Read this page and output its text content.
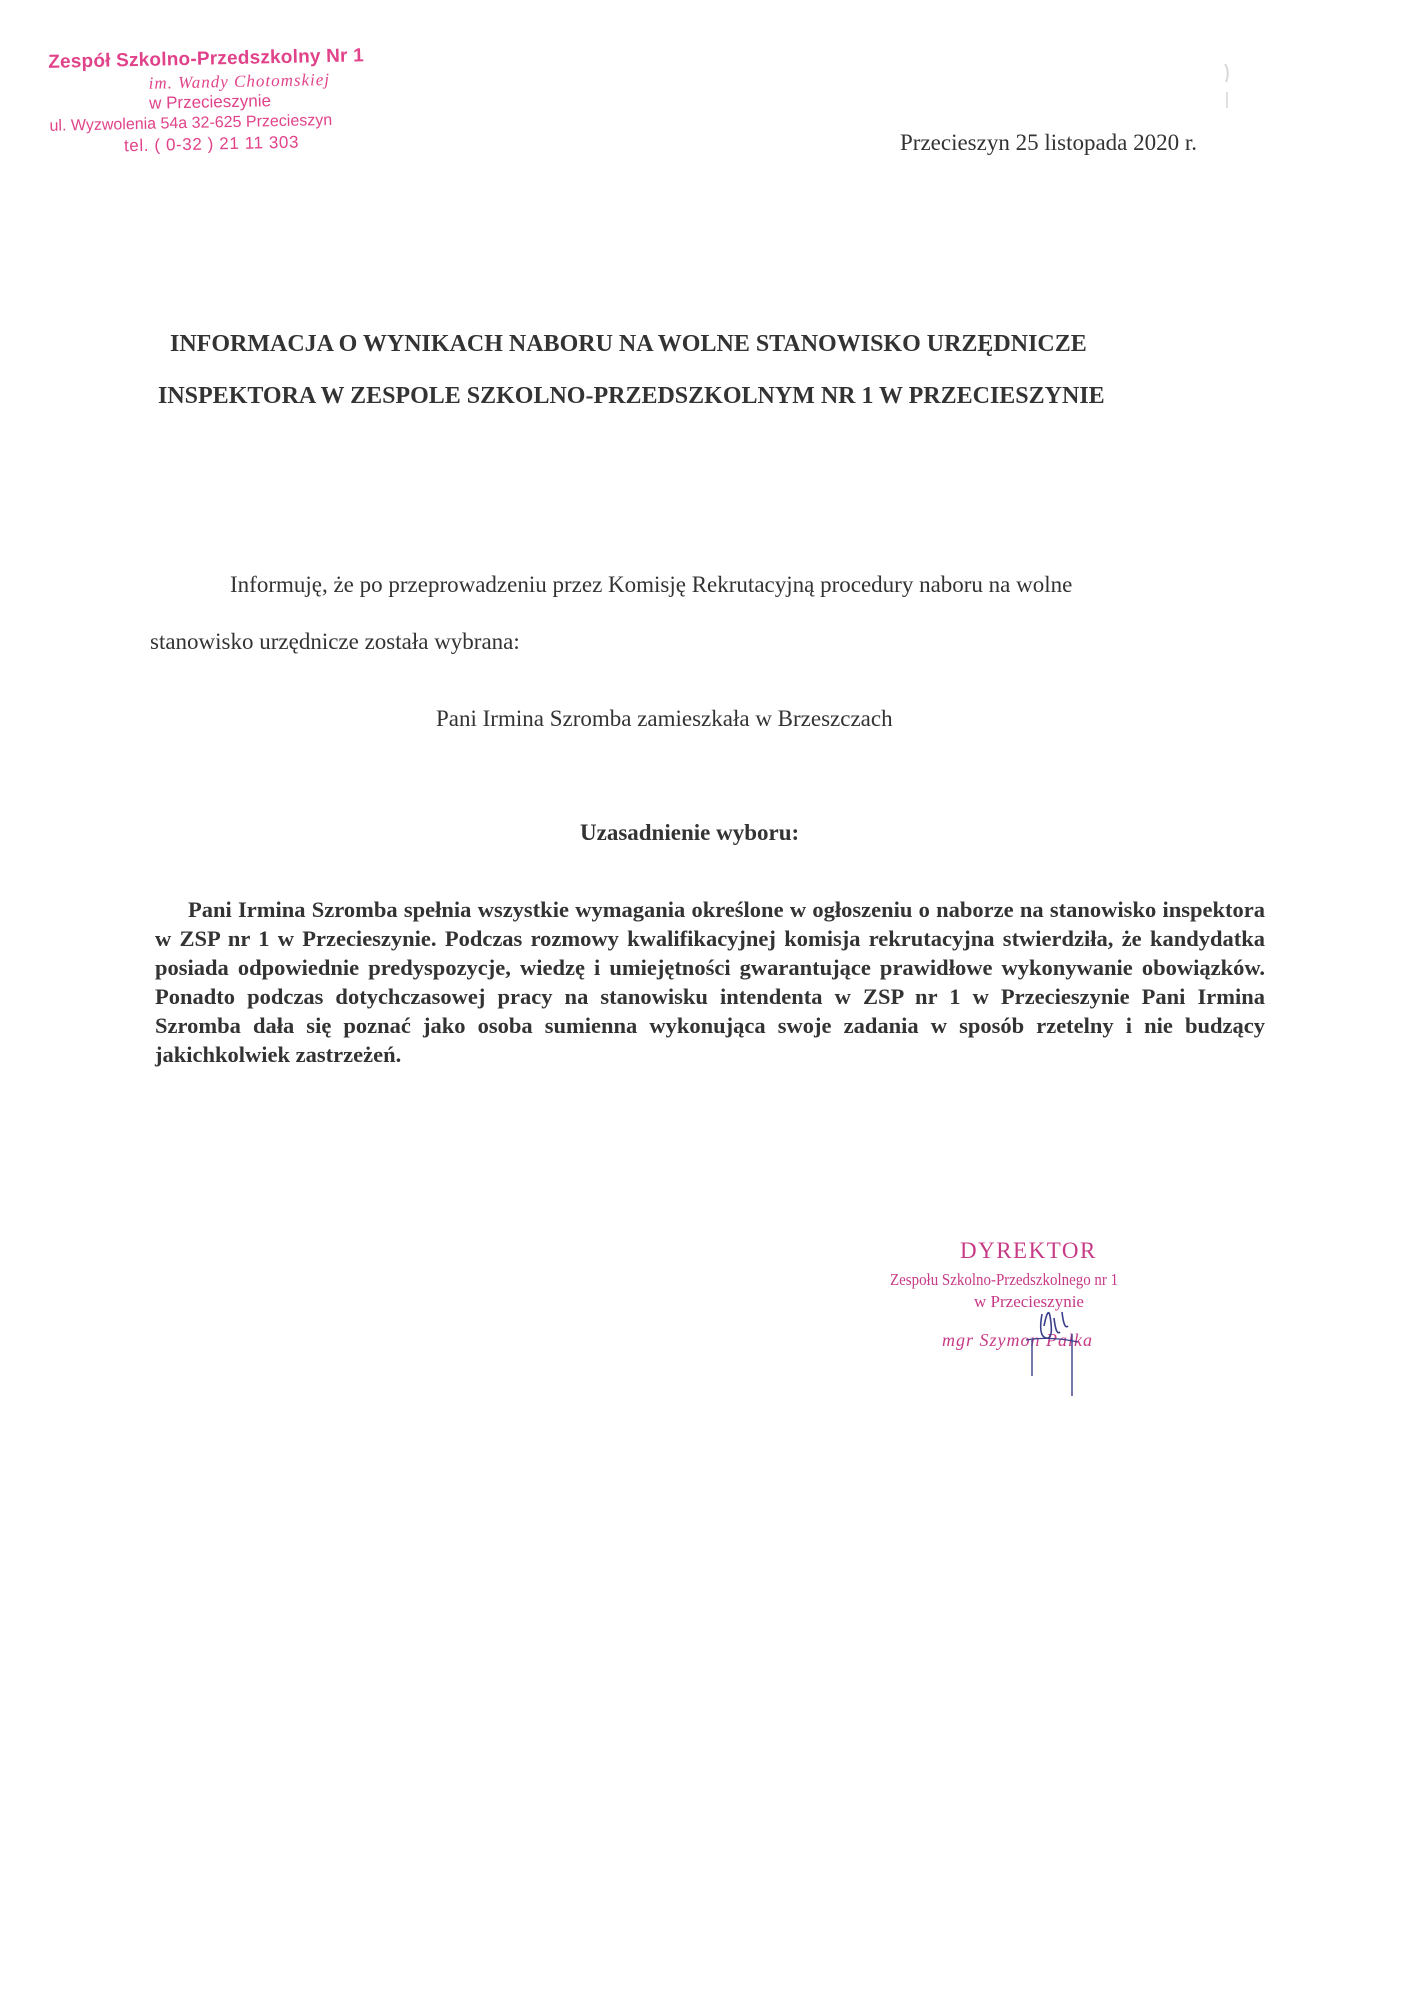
Zespół Szkolno-Przedszkolny Nr 1
im. Wandy Chotomskiej
w Przecieszynie
ul. Wyzwolenia 54a 32-625 Przecieszyn
tel. ( 0-32 ) 21 11 303	Przecieszyn 25 listopada 2020 r.
INFORMACJA O WYNIKACH NABORU NA WOLNE STANOWISKO URZĘDNICZE
INSPEKTORA W ZESPOLE SZKOLNO-PRZEDSZKOLNYM NR 1 W PRZECIESZYNIE
Informuję, że po przeprowadzeniu przez Komisję Rekrutacyjną procedury naboru na wolne
stanowisko urzędnicze została wybrana:
Pani Irmina Szromba zamieszkała w Brzeszczach
Uzasadnienie wyboru:
Pani Irmina Szromba spełnia wszystkie wymagania określone w ogłoszeniu o naborze na stanowisko inspektora w ZSP nr 1 w Przecieszynie. Podczas rozmowy kwalifikacyjnej komisja rekrutacyjna stwierdziła, że kandydatka posiada odpowiednie predyspozycje, wiedzę i umiejętności gwarantujące prawidłowe wykonywanie obowiązków. Ponadto podczas dotychczasowej pracy na stanowisku intendenta w ZSP nr 1 w Przecieszynie Pani Irmina Szromba dała się poznać jako osoba sumienna wykonująca swoje zadania w sposób rzetelny i nie budzący jakichkolwiek zastrzeżeń.
DYREKTOR
Zespołu Szkolno-Przedszkolnego nr 1
w Przecieszynie
mgr Szymon Palka
